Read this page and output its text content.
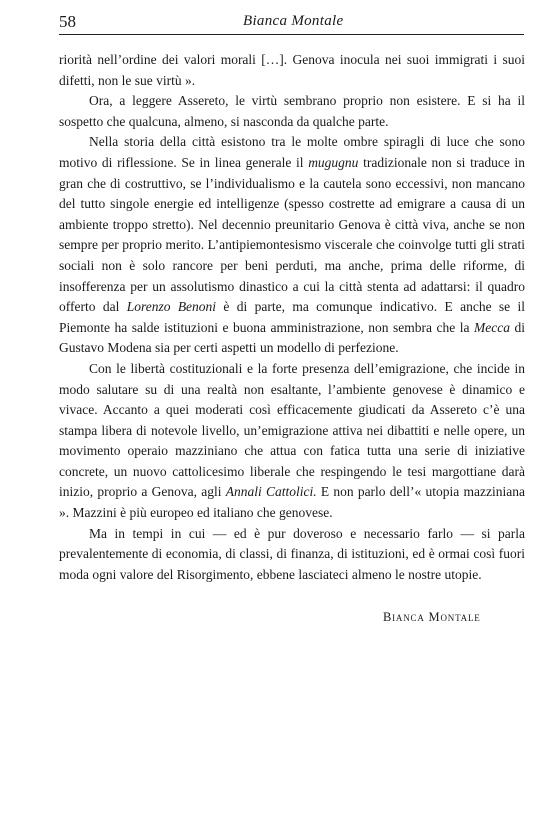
58	Bianca Montale

riorità nell’ordine dei valori morali […]. Genova inocula nei suoi immigrati i suoi difetti, non le sue virtù ».

Ora, a leggere Assereto, le virtù sembrano proprio non esistere. E si ha il sospetto che qualcuna, almeno, si nasconda da qualche parte.

Nella storia della città esistono tra le molte ombre spiragli di luce che sono motivo di riflessione. Se in linea generale il mugugnu tradizionale non si traduce in gran che di costruttivo, se l’individualismo e la cautela sono eccessivi, non mancano del tutto singole energie ed intelligenze (spesso costrette ad emigrare a causa di un ambiente troppo stretto). Nel decennio preunitario Genova è città viva, anche se non sempre per proprio merito. L’antipiemontesismo viscerale che coinvolge tutti gli strati sociali non è solo rancore per beni perduti, ma anche, prima delle riforme, di insofferenza per un assolutismo dinastico a cui la città stenta ad adattarsi: il quadro offerto dal Lorenzo Benoni è di parte, ma comunque indicativo. E anche se il Piemonte ha salde istituzioni e buona amministrazione, non sembra che la Mecca di Gustavo Modena sia per certi aspetti un modello di perfezione.

Con le libertà costituzionali e la forte presenza dell’emigrazione, che incide in modo salutare su di una realtà non esaltante, l’ambiente genovese è dinamico e vivace. Accanto a quei moderati così efficacemente giudicati da Assereto c’è una stampa libera di notevole livello, un’emigrazione attiva nei dibattiti e nelle opere, un movimento operaio mazziniano che attua con fatica tutta una serie di iniziative concrete, un nuovo cattolicesimo liberale che respingendo le tesi margottiane darà inizio, proprio a Genova, agli Annali Cattolici. E non parlo dell’« utopia mazziniana ». Mazzini è più europeo ed italiano che genovese.

Ma in tempi in cui — ed è pur doveroso e necessario farlo — si parla prevalentemente di economia, di classi, di finanza, di istituzioni, ed è ormai così fuori moda ogni valore del Risorgimento, ebbene lasciateci almeno le nostre utopie.

Bianca Montale
